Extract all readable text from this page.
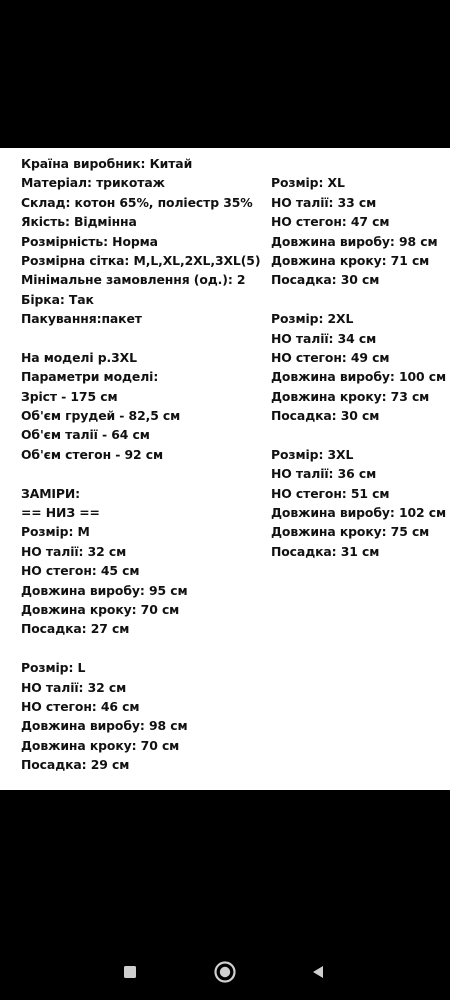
Країна виробник: Китай
Матеріал: трикотаж
Склад: котон 65%, поліестр 35%
Якість: Відмінна
Розмірність: Норма
Розмірна сітка: M,L,XL,2XL,3XL(5)
Мінімальне замовлення (од.): 2
Бірка: Так
Пакування:пакет
На моделі р.3XL
Параметри моделі:
Зріст - 175 см
Об'єм грудей - 82,5 см
Об'єм талії - 64 см
Об'єм стегон - 92 см
ЗАМІРИ:
== НИЗ ==
Розмір: M
НО талії: 32 см
НО стегон: 45 см
Довжина виробу: 95 см
Довжина кроку: 70 см
Посадка: 27 см
Розмір: L
НО талії: 32 см
НО стегон: 46 см
Довжина виробу: 98 см
Довжина кроку: 70 см
Посадка: 29 см
Розмір: XL
НО талії: 33 см
НО стегон: 47 см
Довжина виробу: 98 см
Довжина кроку: 71 см
Посадка: 30 см
Розмір: 2XL
НО талії: 34 см
НО стегон: 49 см
Довжина виробу: 100 см
Довжина кроку: 73 см
Посадка: 30 см
Розмір: 3XL
НО талії: 36 см
НО стегон: 51 см
Довжина виробу: 102 см
Довжина кроку: 75 см
Посадка: 31 см
